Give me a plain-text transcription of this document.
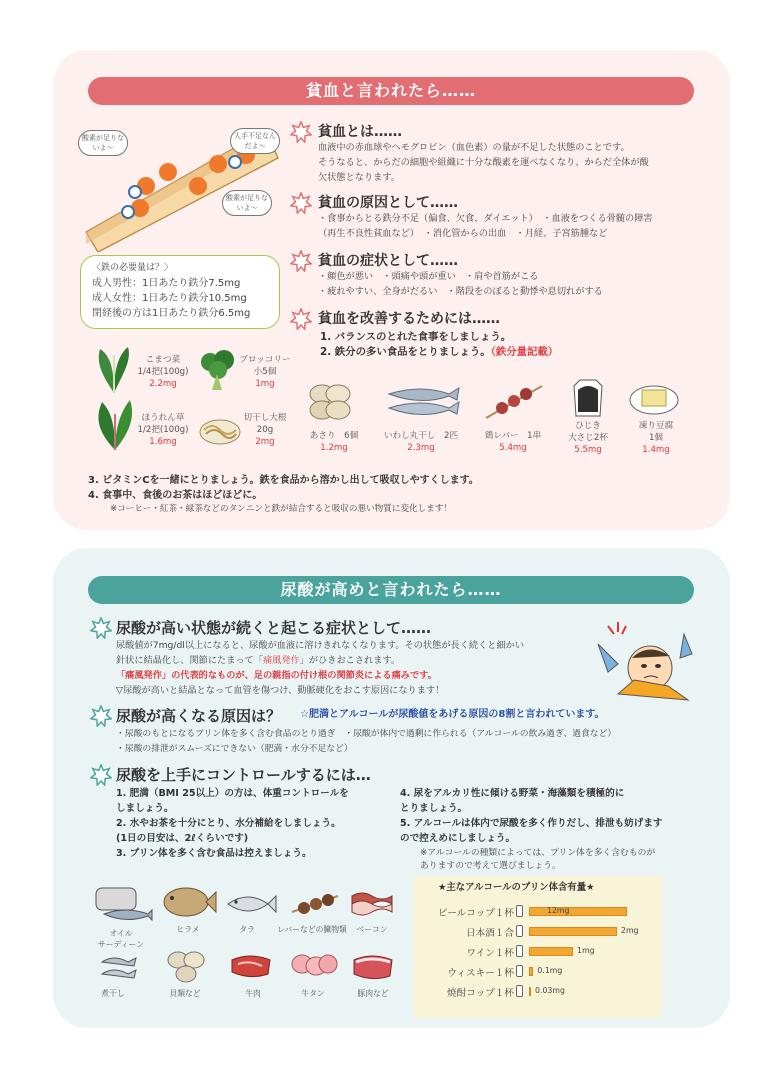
貧血と言われたら……
酸素が足りないよ〜
人手不足なんだよ〜
酸素が足りないよ〜
〈鉄の必要量は？〉
成人男性：1日あたり鉄分7.5mg
成人女性：1日あたり鉄分10.5mg
閉経後の方は1日あたり鉄分6.5mg
貧血とは……
血液中の赤血球やヘモグロビン（血色素）の量が不足した状態のことです。
そうなると、からだの細胞や組織に十分な酸素を運べなくなり、からだ全体が酸
欠状態となります。
貧血の原因として……
・食事からとる鉄分不足（偏食、欠食、ダイエット）　・血液をつくる骨髄の障害
（再生不良性貧血など）　・消化管からの出血　・月経、子宮筋腫など
貧血の症状として……
・顔色が悪い　・頭痛や頭が重い　・肩や首筋がこる
・疲れやすい、全身がだるい　・階段をのぼると動悸や息切れがする
貧血を改善するためには……
1. バランスのとれた食事をしましょう。
2. 鉄分の多い食品をとりましょう。（鉄分量記載）
こまつ菜
1/4把(100g)
2.2mg
ブロッコリー
小5個
1mg
ほうれん草
1/2把(100g)
1.6mg
切干し大根
20g
2mg
あさり　6個
1.2mg
いわし丸干し　2匹
2.3mg
鶏レバー　1串
5.4mg
ひじき
大さじ2杯
5.5mg
凍り豆腐
1個
1.4mg
3. ビタミンCを一緒にとりましょう。鉄を食品から溶かし出して吸収しやすくします。
4. 食事中、食後のお茶はほどほどに。
※コーヒー・紅茶・緑茶などのタンニンと鉄が結合すると吸収の悪い物質に変化します！
尿酸が高めと言われたら……
尿酸が高い状態が続くと起こる症状として……
尿酸値が7mg/dl以上になると、尿酸が血液に溶けきれなくなります。その状態が長く続くと細かい
針状に結晶化し、関節にたまって「痛風発作」がひきおこされます。
「痛風発作」の代表的なものが、足の親指の付け根の関節炎による痛みです。
▽尿酸が高いと結晶となって血管を傷つけ、動脈硬化をおこす原因になります！
尿酸が高くなる原因は？ ☆肥満とアルコールが尿酸値をあげる原因の8割と言われています。
・尿酸のもとになるプリン体を多く含む食品のとり過ぎ　・尿酸が体内で過剰に作られる（アルコールの飲み過ぎ、過食など）
・尿酸の排泄がスムーズにできない（肥満・水分不足など）
尿酸を上手にコントロールするには…
1. 肥満（BMI 25以上）の方は、体重コントロールを
しましょう。
2. 水やお茶を十分にとり、水分補給をしましょう。
(1日の目安は、2ℓくらいです)
3. プリン体を多く含む食品は控えましょう。
4. 尿をアルカリ性に傾ける野菜・海藻類を積極的に
とりましょう。
5. アルコールは体内で尿酸を多く作りだし、排泄も妨げます
ので控えめにしましょう。
※アルコールの種類によっては、プリン体を多く含むものが
ありますので考えて選びましょう。
オイル
サーディーン
ヒラメ	タラ	レバーなどの臓物類	ベーコン
煮干し	貝類など	牛肉	牛タン	豚肉など
★主なアルコールのプリン体含有量★
ビールコップ１杯	12mg
日本酒１合	2mg
ワイン１杯	1mg
ウィスキー１杯	0.1mg
焼酎コップ１杯	0.03mg
